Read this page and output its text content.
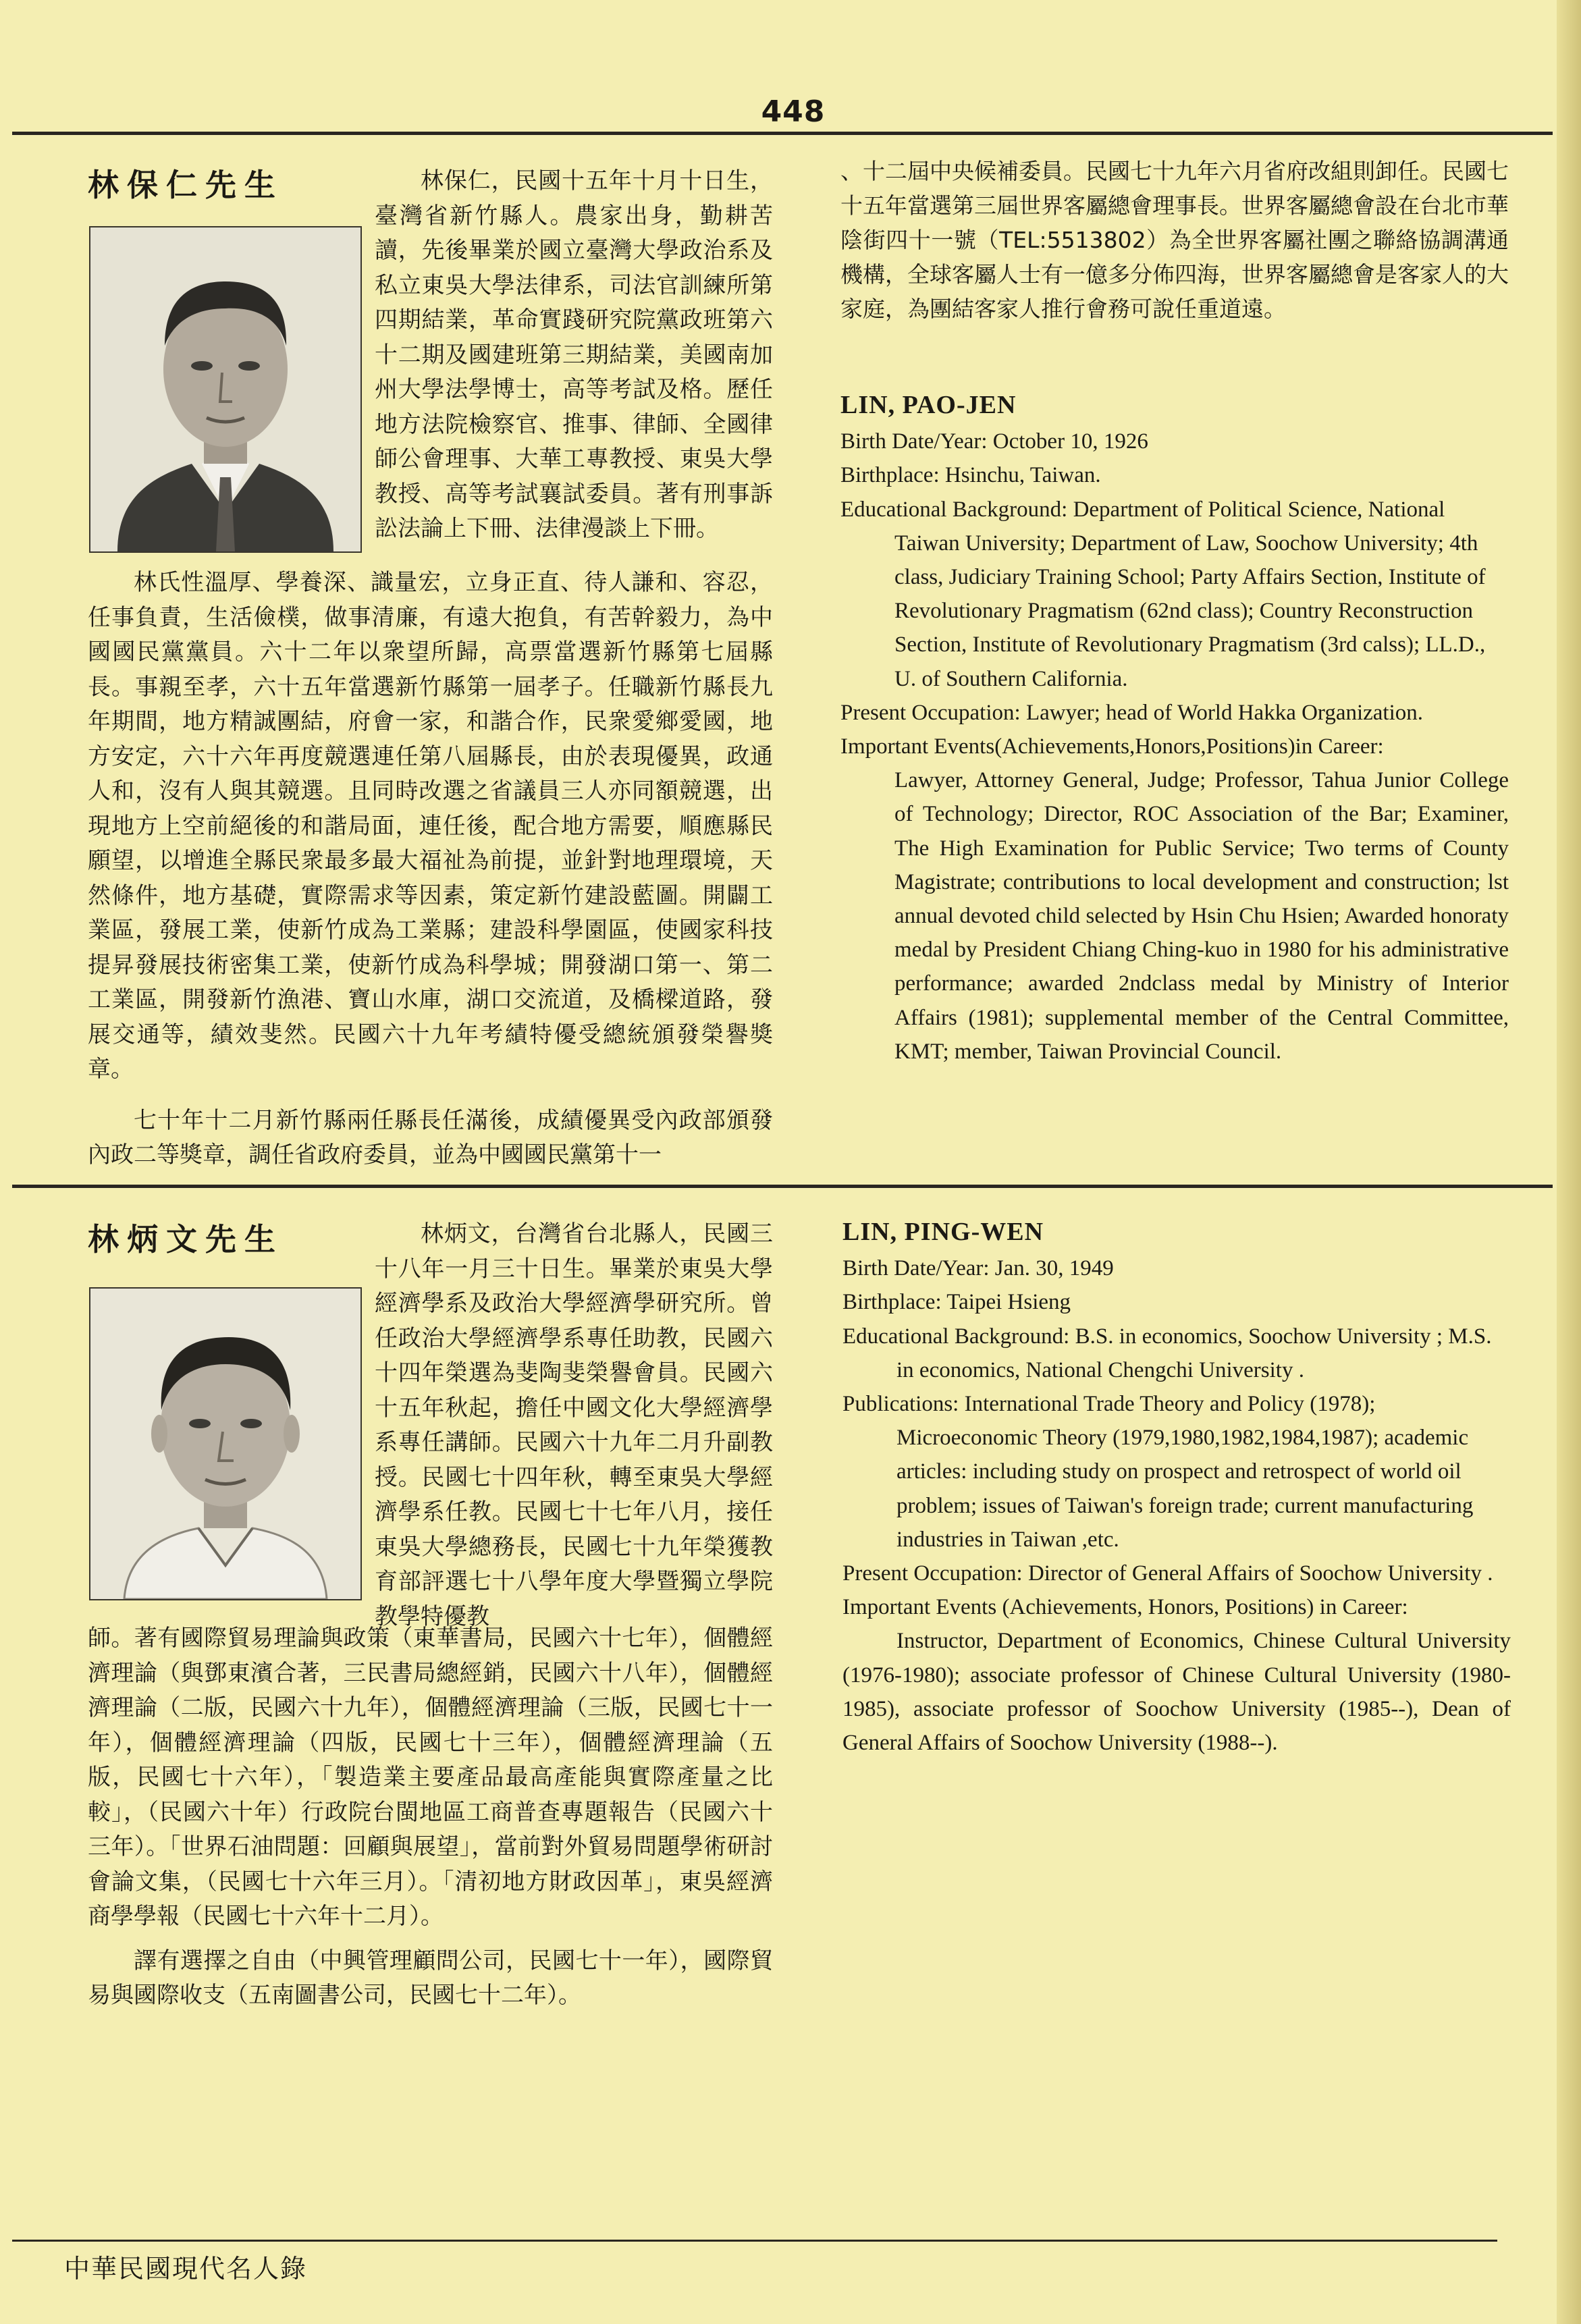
448
林保仁先生	林保仁，民國十五年十月十日生，臺灣省新竹縣人。農家出身，勤耕苦讀，先後畢業於國立臺灣大學政治系及私立東吳大學法律系，司法官訓練所第四期結業，革命實踐研究院黨政班第六十二期及國建班第三期結業，美國南加州大學法學博士，高等考試及格。歷任地方法院檢察官、推事、律師、全國律師公會理事、大華工專教授、東吳大學教授、高等考試襄試委員。著有刑事訴訟法論上下冊、法律漫談上下冊。

林氏性溫厚、學養深、識量宏，立身正直、待人謙和、容忍，任事負責，生活儉樸，做事清廉，有遠大抱負，有苦幹毅力，為中國國民黨黨員。六十二年以衆望所歸，高票當選新竹縣第七屆縣長。事親至孝，六十五年當選新竹縣第一屆孝子。任職新竹縣長九年期間，地方精誠團結，府會一家，和諧合作，民衆愛鄉愛國，地方安定，六十六年再度競選連任第八屆縣長，由於表現優異，政通人和，沒有人與其競選。且同時改選之省議員三人亦同額競選，出現地方上空前絕後的和諧局面，連任後，配合地方需要，順應縣民願望，以增進全縣民衆最多最大福祉為前提，並針對地理環境，天然條件，地方基礎，實際需求等因素，策定新竹建設藍圖。開闢工業區，發展工業，使新竹成為工業縣；建設科學園區，使國家科技提昇發展技術密集工業，使新竹成為科學城；開發湖口第一、第二工業區，開發新竹漁港、寶山水庫，湖口交流道，及橋樑道路，發展交通等，績效斐然。民國六十九年考績特優受總統頒發榮譽獎章。

七十年十二月新竹縣兩任縣長任滿後，成績優異受內政部頒發內政二等獎章，調任省政府委員，並為中國國民黨第十一

、十二屆中央候補委員。民國七十九年六月省府改組則卸任。民國七十五年當選第三屆世界客屬總會理事長。世界客屬總會設在台北市華陰街四十一號（TEL:5513802）為全世界客屬社團之聯絡協調溝通機構，全球客屬人士有一億多分佈四海，世界客屬總會是客家人的大家庭，為團結客家人推行會務可說任重道遠。
LIN, PAO-JEN

Birth Date/Year: October 10, 1926

Birthplace: Hsinchu, Taiwan.

Educational Background: Department of Political Science, National Taiwan University; Department of Law, Soochow University; 4th class, Judiciary Training School; Party Affairs Section, Institute of Revolutionary Pragmatism (62nd class); Country Reconstruction Section, Institute of Revolutionary Pragmatism (3rd calss); LL.D., U. of Southern California.

Present Occupation: Lawyer; head of World Hakka Organization.

Important Events(Achievements,Honors,Positions)in Career:

Lawyer, Attorney General, Judge; Professor, Tahua Junior College of Technology; Director, ROC Association of the Bar; Examiner, The High Examination for Public Service; Two terms of County Magistrate; contributions to local development and construction; lst annual devoted child selected by Hsin Chu Hsien; Awarded honoraty medal by President Chiang Ching-kuo in 1980 for his administrative performance; awarded 2ndclass medal by Ministry of Interior Affairs (1981); supplemental member of the Central Committee, KMT; member, Taiwan Provincial Council.

林炳文先生	林炳文，台灣省台北縣人，民國三十八年一月三十日生。畢業於東吳大學經濟學系及政治大學經濟學研究所。曾任政治大學經濟學系專任助教，民國六十四年榮選為斐陶斐榮譽會員。民國六十五年秋起，擔任中國文化大學經濟學系專任講師。民國六十九年二月升副教授。民國七十四年秋，轉至東吳大學經濟學系任教。民國七十七年八月，接任東吳大學總務長，民國七十九年榮獲教育部評選七十八學年度大學暨獨立學院教學特優教

師。著有國際貿易理論與政策（東華書局，民國六十七年），個體經濟理論（與鄧東濱合著，三民書局總經銷，民國六十八年），個體經濟理論（二版，民國六十九年），個體經濟理論（三版，民國七十一年），個體經濟理論（四版，民國七十三年），個體經濟理論（五版，民國七十六年），「製造業主要產品最高產能與實際產量之比較」，（民國六十年）行政院台閩地區工商普查專題報告（民國六十三年）。「世界石油問題：回顧與展望」，當前對外貿易問題學術研討會論文集，（民國七十六年三月）。「清初地方財政因革」，東吳經濟商學學報（民國七十六年十二月）。

譯有選擇之自由（中興管理顧問公司，民國七十一年），國際貿易與國際收支（五南圖書公司，民國七十二年）。

LIN, PING-WEN

Birth Date/Year: Jan. 30, 1949

Birthplace: Taipei Hsieng

Educational Background: B.S. in economics, Soochow University ; M.S. in economics, National Chengchi University .

Publications: International Trade Theory and Policy (1978); Microeconomic Theory (1979,1980,1982,1984,1987); academic articles: including study on prospect and retrospect of world oil problem; issues of Taiwan's foreign trade; current manufacturing industries in Taiwan ,etc.

Present Occupation: Director of General Affairs of Soochow University .

Important Events (Achievements, Honors, Positions) in Career:

Instructor, Department of Economics, Chinese Cultural University (1976-1980); associate professor of Chinese Cultural University (1980-1985), associate professor of Soochow University (1985--), Dean of General Affairs of Soochow University (1988--).

中華民國現代名人錄
